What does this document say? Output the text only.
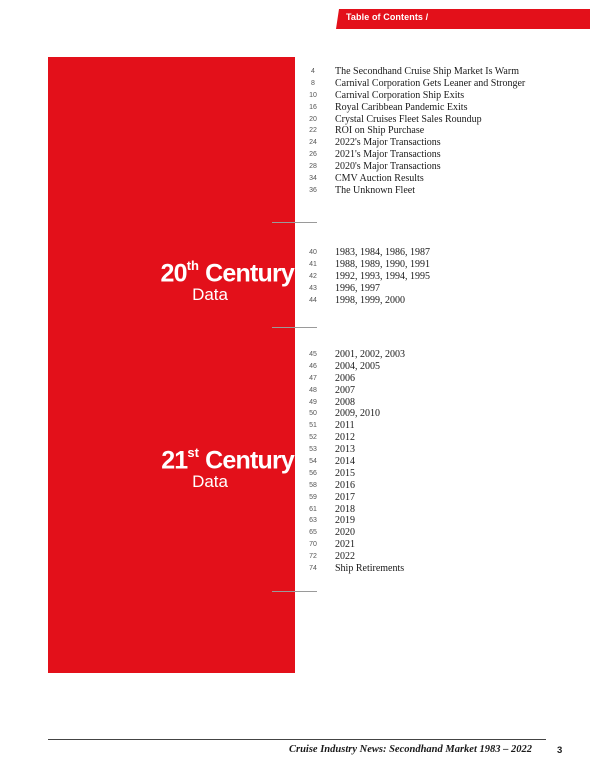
Table of Contents /
20th Century
Data
21st Century
Data
4	The Secondhand Cruise Ship Market Is Warm
8	Carnival Corporation Gets Leaner and Stronger
10	Carnival Corporation Ship Exits
16	Royal Caribbean Pandemic Exits
20	Crystal Cruises Fleet Sales Roundup
22	ROI on Ship Purchase
24	2022's Major Transactions
26	2021's Major Transactions
28	2020's Major Transactions
34	CMV Auction Results
36	The Unknown Fleet
40	1983, 1984, 1986, 1987
41	1988, 1989, 1990, 1991
42	1992, 1993, 1994, 1995
43	1996, 1997
44	1998, 1999, 2000
45	2001, 2002, 2003
46	2004, 2005
47	2006
48	2007
49	2008
50	2009, 2010
51	2011
52	2012
53	2013
54	2014
56	2015
58	2016
59	2017
61	2018
63	2019
65	2020
70	2021
72	2022
74	Ship Retirements
Cruise Industry News: Secondhand Market 1983 – 2022	3
